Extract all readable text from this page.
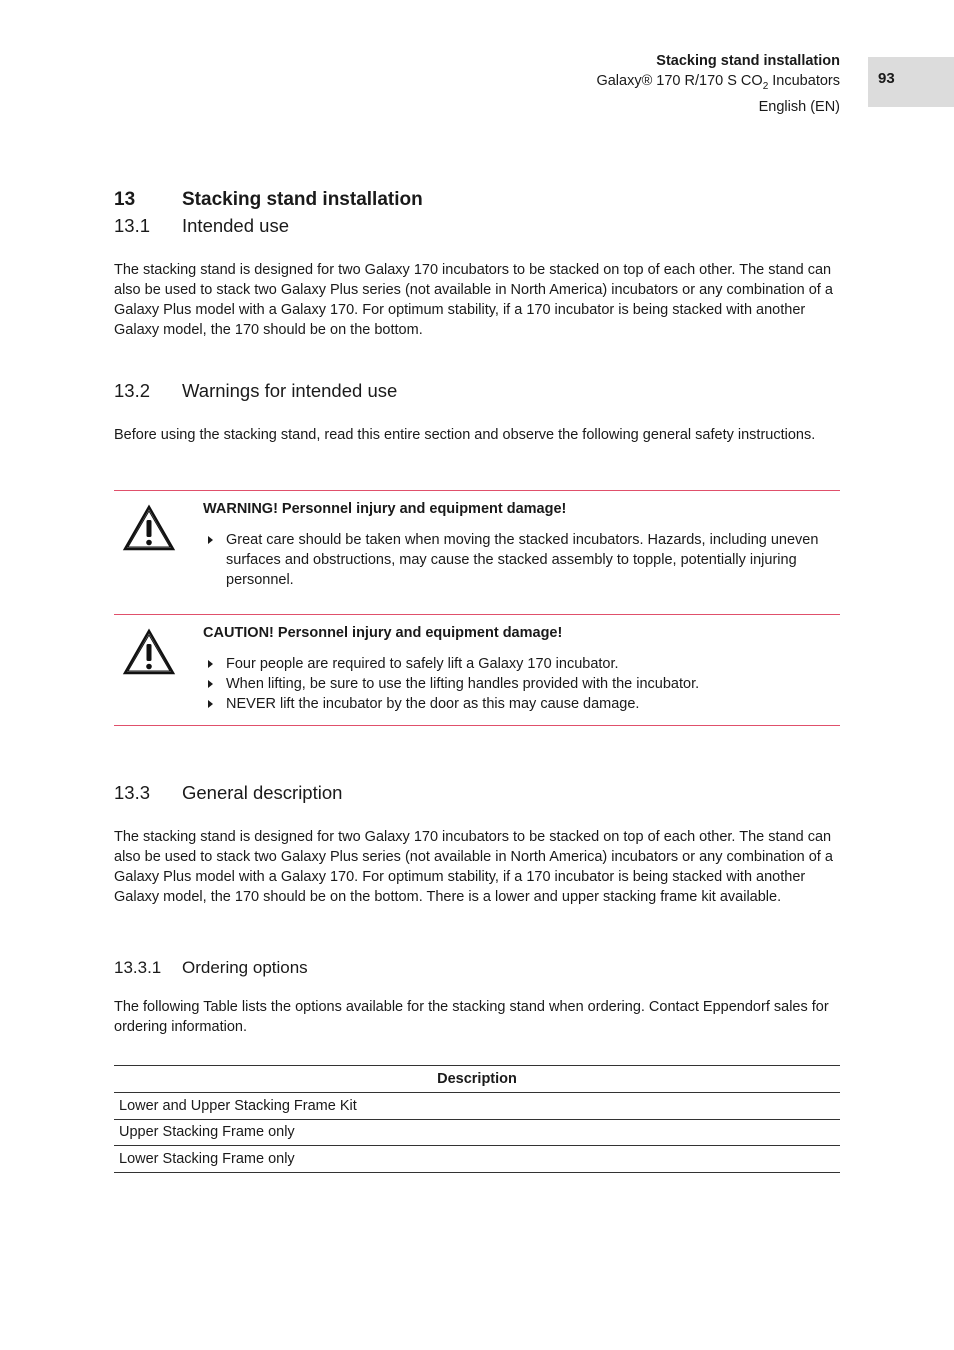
Stacking stand installation
Galaxy® 170 R/170 S $CO_2$ Incubators
English (EN)
93
13 Stacking stand installation
13.1 Intended use

The stacking stand is designed for two Galaxy 170 incubators to be stacked on top of each other. The stand can also be used to stack two Galaxy Plus series (not available in North America) incubators or any combination of a Galaxy Plus model with a Galaxy 170. For optimum stability, if a 170 incubator is being stacked with another Galaxy model, the 170 should be on the bottom.

13.2 Warnings for intended use

Before using the stacking stand, read this entire section and observe the following general safety instructions.

WARNING! Personnel injury and equipment damage!
Great care should be taken when moving the stacked incubators. Hazards, including uneven surfaces and obstructions, may cause the stacked assembly to topple, potentially injuring personnel.
CAUTION! Personnel injury and equipment damage!
Four people are required to safely lift a Galaxy 170 incubator.
When lifting, be sure to use the lifting handles provided with the incubator.
NEVER lift the incubator by the door as this may cause damage.
13.3 General description

The stacking stand is designed for two Galaxy 170 incubators to be stacked on top of each other. The stand can also be used to stack two Galaxy Plus series (not available in North America) incubators or any combination of a Galaxy Plus model with a Galaxy 170. For optimum stability, if a 170 incubator is being stacked with another Galaxy model, the 170 should be on the bottom. There is a lower and upper stacking frame kit available.

13.3.1 Ordering options

The following Table lists the options available for the stacking stand when ordering. Contact Eppendorf sales for ordering information.

Description
Lower and Upper Stacking Frame Kit
Upper Stacking Frame only
Lower Stacking Frame only
